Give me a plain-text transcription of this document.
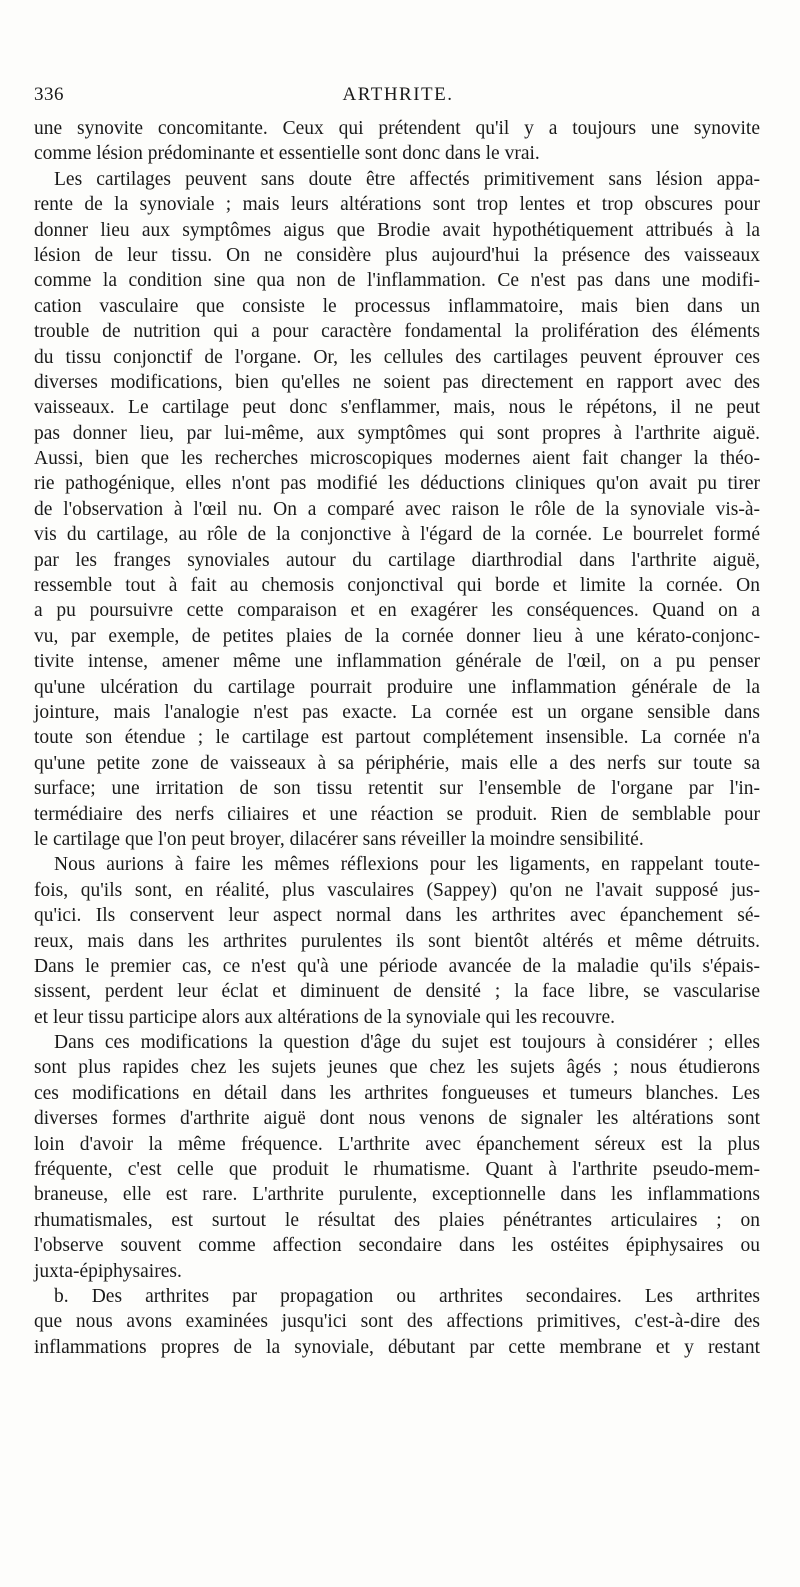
336	ARTHRITE.
une synovite concomitante. Ceux qui prétendent qu'il y a toujours une synovite
comme lésion prédominante et essentielle sont donc dans le vrai.
Les cartilages peuvent sans doute être affectés primitivement sans lésion appa-
rente de la synoviale ; mais leurs altérations sont trop lentes et trop obscures pour
donner lieu aux symptômes aigus que Brodie avait hypothétiquement attribués à la
lésion de leur tissu. On ne considère plus aujourd'hui la présence des vaisseaux
comme la condition sine qua non de l'inflammation. Ce n'est pas dans une modifi-
cation vasculaire que consiste le processus inflammatoire, mais bien dans un
trouble de nutrition qui a pour caractère fondamental la prolifération des éléments
du tissu conjonctif de l'organe. Or, les cellules des cartilages peuvent éprouver ces
diverses modifications, bien qu'elles ne soient pas directement en rapport avec des
vaisseaux. Le cartilage peut donc s'enflammer, mais, nous le répétons, il ne peut
pas donner lieu, par lui-même, aux symptômes qui sont propres à l'arthrite aiguë.
Aussi, bien que les recherches microscopiques modernes aient fait changer la théo-
rie pathogénique, elles n'ont pas modifié les déductions cliniques qu'on avait pu tirer
de l'observation à l'œil nu. On a comparé avec raison le rôle de la synoviale vis-à-
vis du cartilage, au rôle de la conjonctive à l'égard de la cornée. Le bourrelet formé
par les franges synoviales autour du cartilage diarthrodial dans l'arthrite aiguë,
ressemble tout à fait au chemosis conjonctival qui borde et limite la cornée. On
a pu poursuivre cette comparaison et en exagérer les conséquences. Quand on a
vu, par exemple, de petites plaies de la cornée donner lieu à une kérato-conjonc-
tivite intense, amener même une inflammation générale de l'œil, on a pu penser
qu'une ulcération du cartilage pourrait produire une inflammation générale de la
jointure, mais l'analogie n'est pas exacte. La cornée est un organe sensible dans
toute son étendue ; le cartilage est partout complétement insensible. La cornée n'a
qu'une petite zone de vaisseaux à sa périphérie, mais elle a des nerfs sur toute sa
surface; une irritation de son tissu retentit sur l'ensemble de l'organe par l'in-
termédiaire des nerfs ciliaires et une réaction se produit. Rien de semblable pour
le cartilage que l'on peut broyer, dilacérer sans réveiller la moindre sensibilité.
Nous aurions à faire les mêmes réflexions pour les ligaments, en rappelant toute-
fois, qu'ils sont, en réalité, plus vasculaires (Sappey) qu'on ne l'avait supposé jus-
qu'ici. Ils conservent leur aspect normal dans les arthrites avec épanchement sé-
reux, mais dans les arthrites purulentes ils sont bientôt altérés et même détruits.
Dans le premier cas, ce n'est qu'à une période avancée de la maladie qu'ils s'épais-
sissent, perdent leur éclat et diminuent de densité ; la face libre, se vascularise
et leur tissu participe alors aux altérations de la synoviale qui les recouvre.
Dans ces modifications la question d'âge du sujet est toujours à considérer ; elles
sont plus rapides chez les sujets jeunes que chez les sujets âgés ; nous étudierons
ces modifications en détail dans les arthrites fongueuses et tumeurs blanches. Les
diverses formes d'arthrite aiguë dont nous venons de signaler les altérations sont
loin d'avoir la même fréquence. L'arthrite avec épanchement séreux est la plus
fréquente, c'est celle que produit le rhumatisme. Quant à l'arthrite pseudo-mem-
braneuse, elle est rare. L'arthrite purulente, exceptionnelle dans les inflammations
rhumatismales, est surtout le résultat des plaies pénétrantes articulaires ; on
l'observe souvent comme affection secondaire dans les ostéites épiphysaires ou
juxta-épiphysaires.
b. Des arthrites par propagation ou arthrites secondaires. Les arthrites
que nous avons examinées jusqu'ici sont des affections primitives, c'est-à-dire des
inflammations propres de la synoviale, débutant par cette membrane et y restant
